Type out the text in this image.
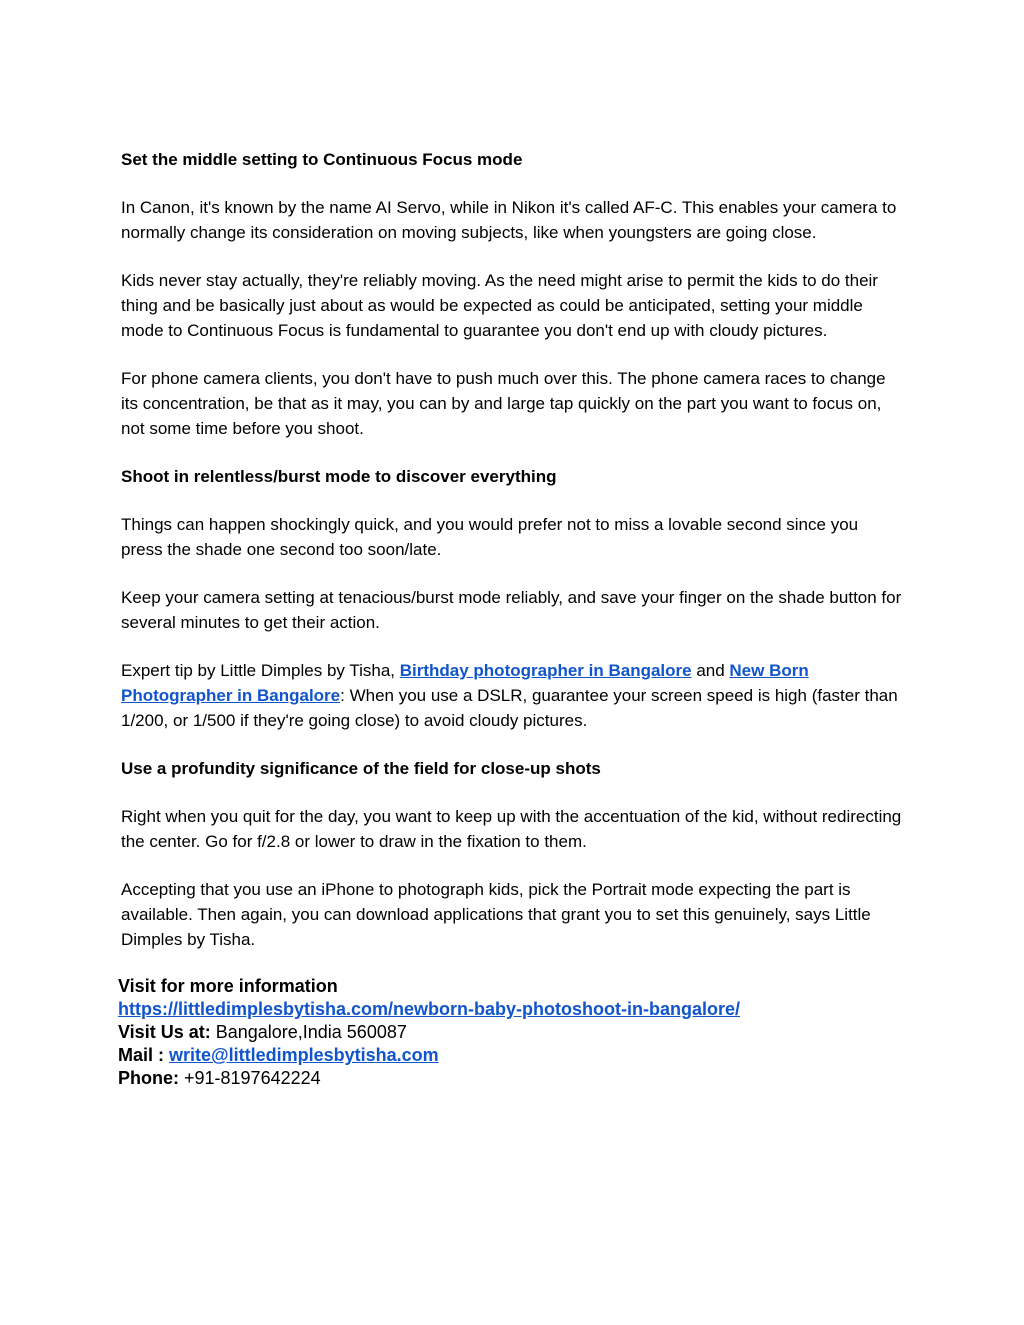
Set the middle setting to Continuous Focus mode

In Canon, it's known by the name AI Servo, while in Nikon it's called AF-C. This enables your camera to normally change its consideration on moving subjects, like when youngsters are going close.

Kids never stay actually, they're reliably moving. As the need might arise to permit the kids to do their thing and be basically just about as would be expected as could be anticipated, setting your middle mode to Continuous Focus is fundamental to guarantee you don't end up with cloudy pictures.

For phone camera clients, you don't have to push much over this. The phone camera races to change its concentration, be that as it may, you can by and large tap quickly on the part you want to focus on, not some time before you shoot.

Shoot in relentless/burst mode to discover everything

Things can happen shockingly quick, and you would prefer not to miss a lovable second since you press the shade one second too soon/late.

Keep your camera setting at tenacious/burst mode reliably, and save your finger on the shade button for several minutes to get their action.

Expert tip by Little Dimples by Tisha, Birthday photographer in Bangalore and New Born Photographer in Bangalore: When you use a DSLR, guarantee your screen speed is high (faster than 1/200, or 1/500 if they're going close) to avoid cloudy pictures.

Use a profundity significance of the field for close-up shots

Right when you quit for the day, you want to keep up with the accentuation of the kid, without redirecting the center. Go for f/2.8 or lower to draw in the fixation to them.

Accepting that you use an iPhone to photograph kids, pick the Portrait mode expecting the part is available. Then again, you can download applications that grant you to set this genuinely, says Little Dimples by Tisha.

Visit for more information

https://littledimplesbytisha.com/newborn-baby-photoshoot-in-bangalore/

Visit Us at: Bangalore,India 560087

Mail : write@littledimplesbytisha.com

Phone: +91-8197642224
